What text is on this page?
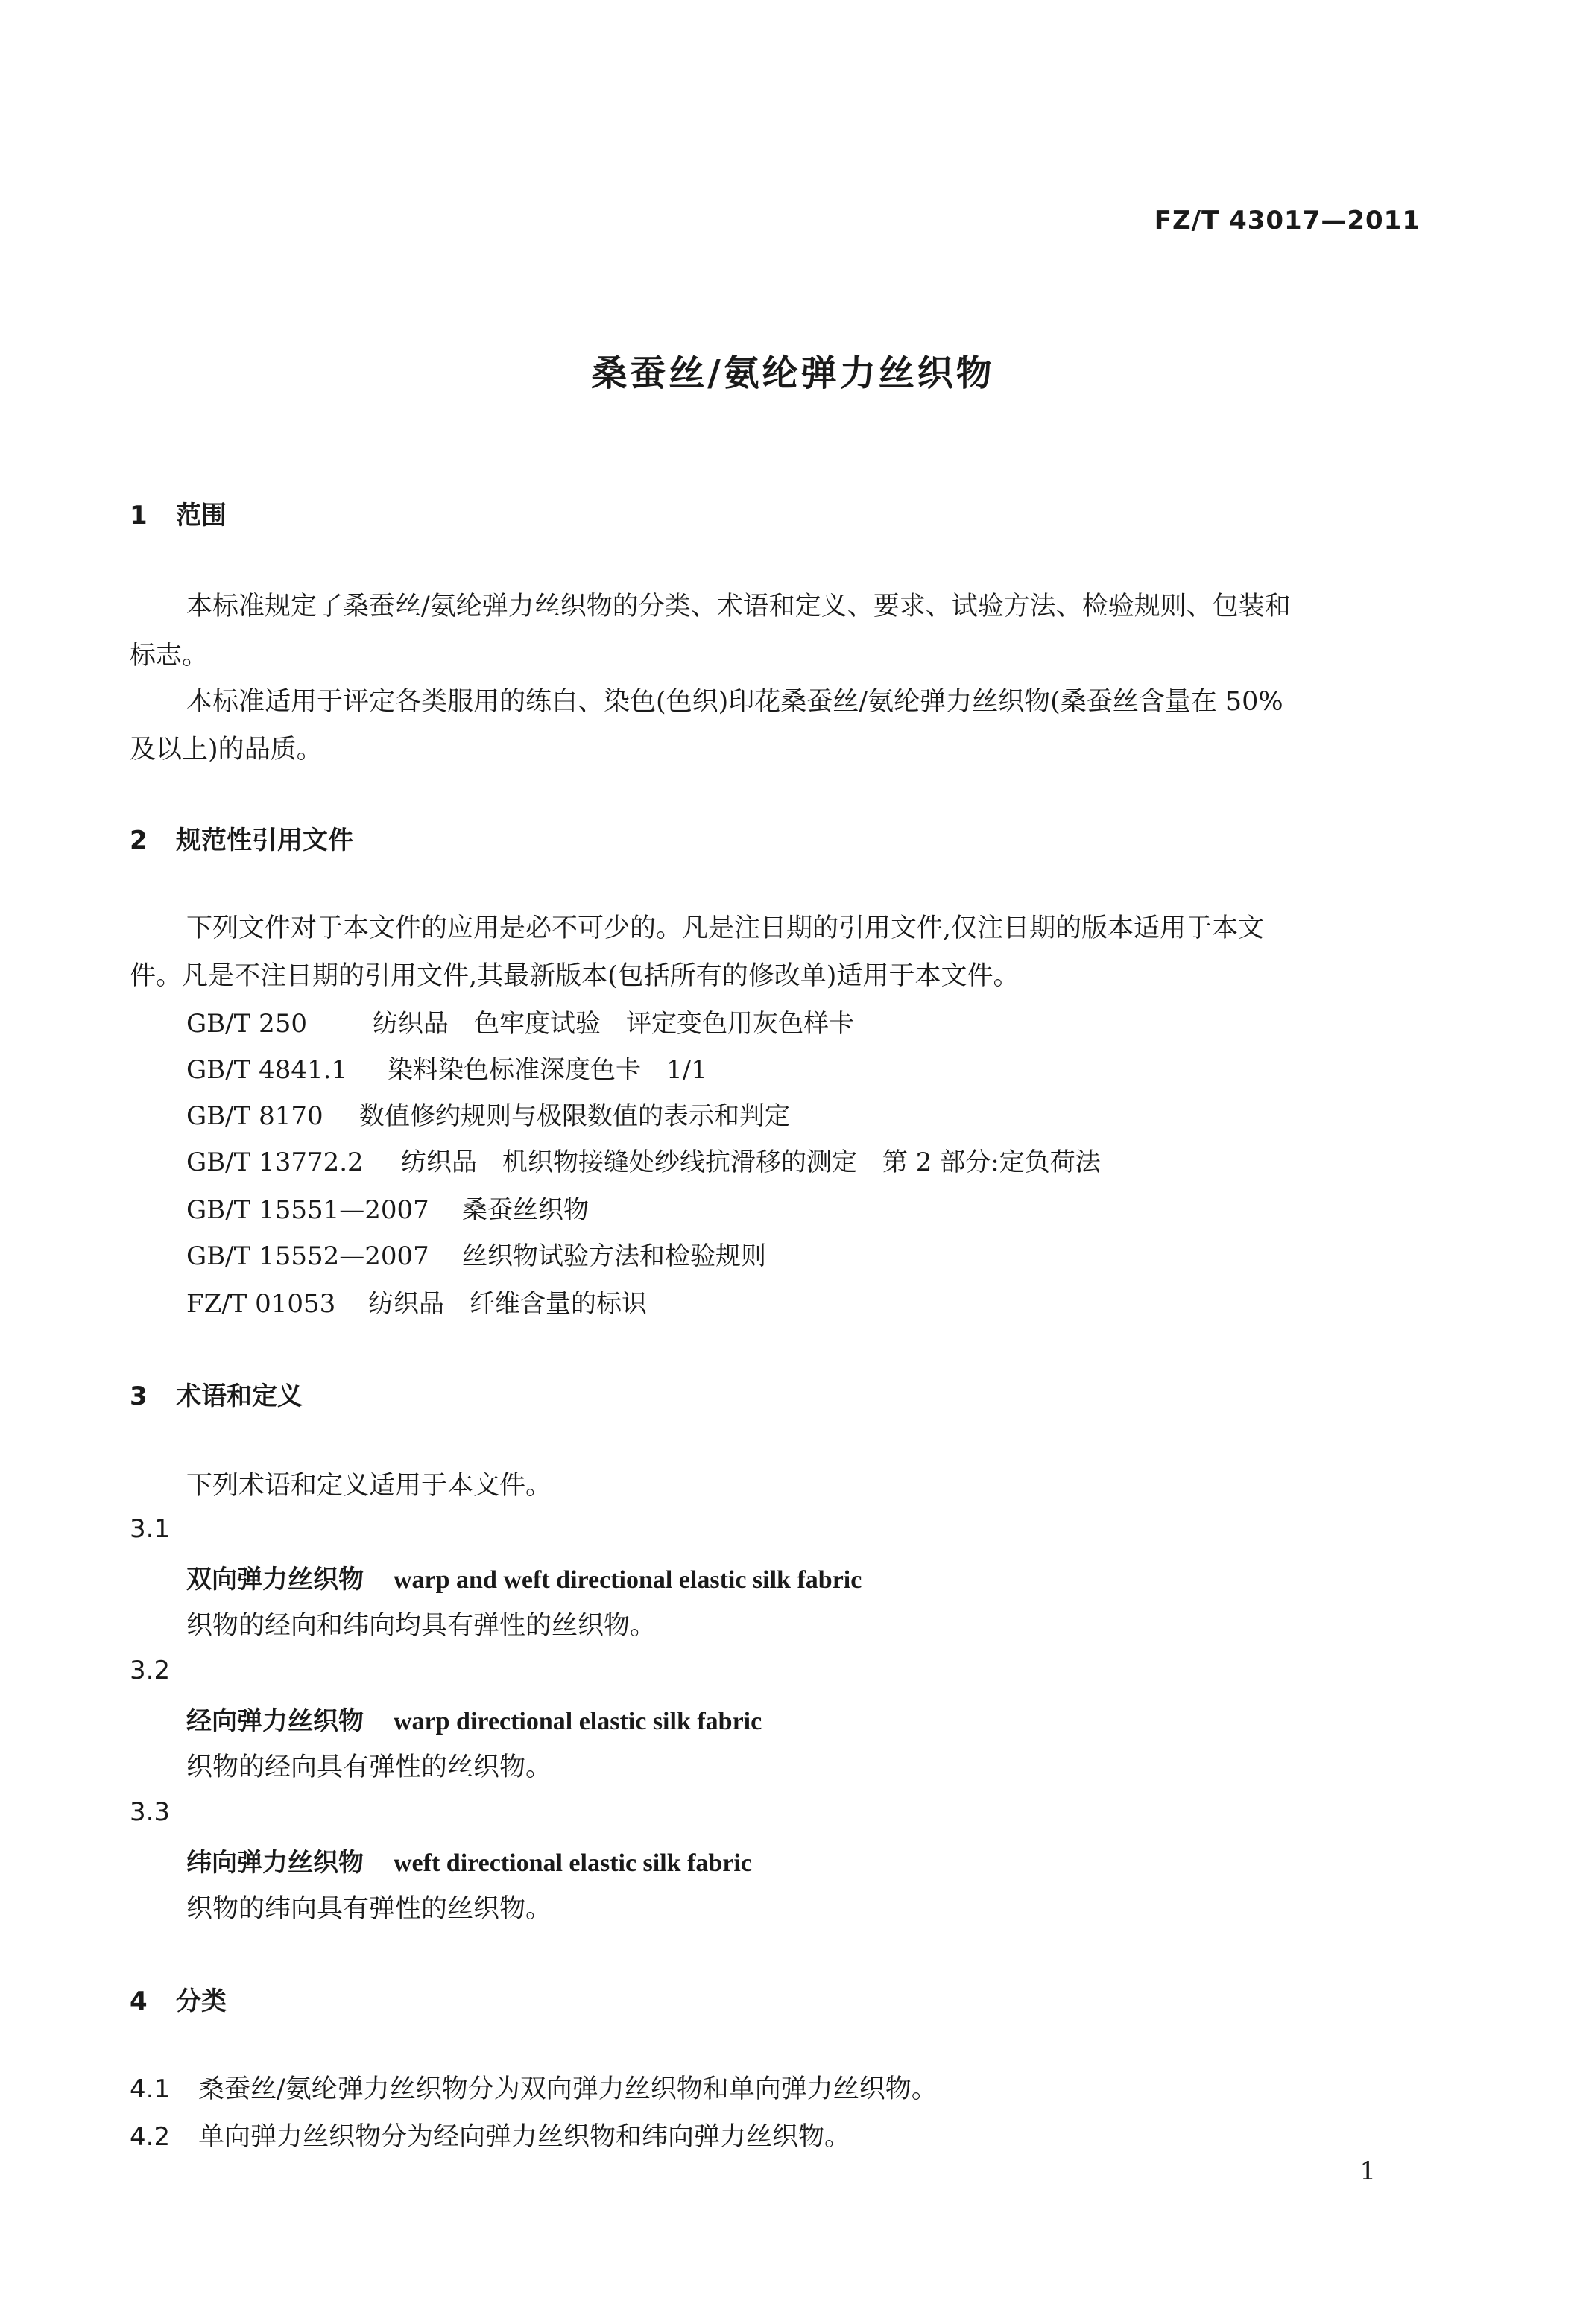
FZ/T 43017—2011
桑蚕丝/氨纶弹力丝织物
1 范围
本标准规定了桑蚕丝/氨纶弹力丝织物的分类、术语和定义、要求、试验方法、检验规则、包装和
标志。
本标准适用于评定各类服用的练白、染色(色织)印花桑蚕丝/氨纶弹力丝织物(桑蚕丝含量在 50%
及以上)的品质。
2 规范性引用文件
下列文件对于本文件的应用是必不可少的。凡是注日期的引用文件,仅注日期的版本适用于本文
件。凡是不注日期的引用文件,其最新版本(包括所有的修改单)适用于本文件。
GB/T 250	纺织品　色牢度试验　评定变色用灰色样卡
GB/T 4841.1 染料染色标准深度色卡　1/1
GB/T 8170 数值修约规则与极限数值的表示和判定
GB/T 13772.2 纺织品　机织物接缝处纱线抗滑移的测定　第 2 部分:定负荷法
GB/T 15551—2007 桑蚕丝织物
GB/T 15552—2007 丝织物试验方法和检验规则
FZ/T 01053 纺织品　纤维含量的标识
3 术语和定义
下列术语和定义适用于本文件。
3.1
双向弹力丝织物 warp and weft directional elastic silk fabric
织物的经向和纬向均具有弹性的丝织物。
3.2
经向弹力丝织物 warp directional elastic silk fabric
织物的经向具有弹性的丝织物。
3.3
纬向弹力丝织物 weft directional elastic silk fabric
织物的纬向具有弹性的丝织物。
4 分类
4.1 桑蚕丝/氨纶弹力丝织物分为双向弹力丝织物和单向弹力丝织物。
4.2 单向弹力丝织物分为经向弹力丝织物和纬向弹力丝织物。
1
